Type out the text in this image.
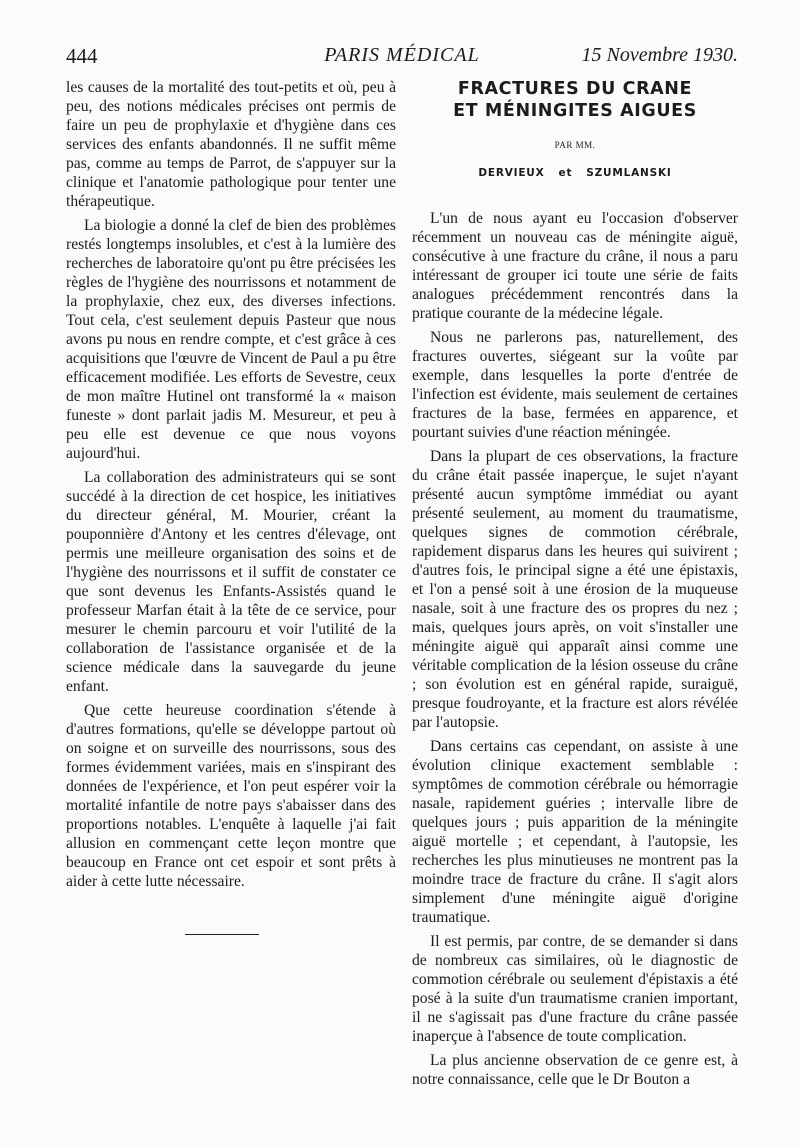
444	PARIS MÉDICAL	15 Novembre 1930.

les causes de la mortalité des tout-petits et où, peu à peu, des notions médicales précises ont permis de faire un peu de prophylaxie et d'hygiène dans ces services des enfants abandonnés. Il ne suffit même pas, comme au temps de Parrot, de s'appuyer sur la clinique et l'anatomie pathologique pour tenter une thérapeutique.

La biologie a donné la clef de bien des problèmes restés longtemps insolubles, et c'est à la lumière des recherches de laboratoire qu'ont pu être précisées les règles de l'hygiène des nourrissons et notamment de la prophylaxie, chez eux, des diverses infections. Tout cela, c'est seulement depuis Pasteur que nous avons pu nous en rendre compte, et c'est grâce à ces acquisitions que l'œuvre de Vincent de Paul a pu être efficacement modifiée. Les efforts de Sevestre, ceux de mon maître Hutinel ont transformé la « maison funeste » dont parlait jadis M. Mesureur, et peu à peu elle est devenue ce que nous voyons aujourd'hui.

La collaboration des administrateurs qui se sont succédé à la direction de cet hospice, les initiatives du directeur général, M. Mourier, créant la pouponnière d'Antony et les centres d'élevage, ont permis une meilleure organisation des soins et de l'hygiène des nourrissons et il suffit de constater ce que sont devenus les Enfants-Assistés quand le professeur Marfan était à la tête de ce service, pour mesurer le chemin parcouru et voir l'utilité de la collaboration de l'assistance organisée et de la science médicale dans la sauvegarde du jeune enfant.

Que cette heureuse coordination s'étende à d'autres formations, qu'elle se développe partout où on soigne et on surveille des nourrissons, sous des formes évidemment variées, mais en s'inspirant des données de l'expérience, et l'on peut espérer voir la mortalité infantile de notre pays s'abaisser dans des proportions notables. L'enquête à laquelle j'ai fait allusion en commençant cette leçon montre que beaucoup en France ont cet espoir et sont prêts à aider à cette lutte nécessaire.

FRACTURES DU CRANE
ET MÉNINGITES AIGUES
PAR MM.
DERVIEUX et SZUMLANSKI

L'un de nous ayant eu l'occasion d'observer récemment un nouveau cas de méningite aiguë, consécutive à une fracture du crâne, il nous a paru intéressant de grouper ici toute une série de faits analogues précédemment rencontrés dans la pratique courante de la médecine légale.

Nous ne parlerons pas, naturellement, des fractures ouvertes, siégeant sur la voûte par exemple, dans lesquelles la porte d'entrée de l'infection est évidente, mais seulement de certaines fractures de la base, fermées en apparence, et pourtant suivies d'une réaction méningée.

Dans la plupart de ces observations, la fracture du crâne était passée inaperçue, le sujet n'ayant présenté aucun symptôme immédiat ou ayant présenté seulement, au moment du traumatisme, quelques signes de commotion cérébrale, rapidement disparus dans les heures qui suivirent ; d'autres fois, le principal signe a été une épistaxis, et l'on a pensé soit à une érosion de la muqueuse nasale, soit à une fracture des os propres du nez ; mais, quelques jours après, on voit s'installer une méningite aiguë qui apparaît ainsi comme une véritable complication de la lésion osseuse du crâne ; son évolution est en général rapide, suraiguë, presque foudroyante, et la fracture est alors révélée par l'autopsie.

Dans certains cas cependant, on assiste à une évolution clinique exactement semblable : symptômes de commotion cérébrale ou hémorragie nasale, rapidement guéries ; intervalle libre de quelques jours ; puis apparition de la méningite aiguë mortelle ; et cependant, à l'autopsie, les recherches les plus minutieuses ne montrent pas la moindre trace de fracture du crâne. Il s'agit alors simplement d'une méningite aiguë d'origine traumatique.

Il est permis, par contre, de se demander si dans de nombreux cas similaires, où le diagnostic de commotion cérébrale ou seulement d'épistaxis a été posé à la suite d'un traumatisme cranien important, il ne s'agissait pas d'une fracture du crâne passée inaperçue à l'absence de toute complication.

La plus ancienne observation de ce genre est, à notre connaissance, celle que le Dr Bouton a
